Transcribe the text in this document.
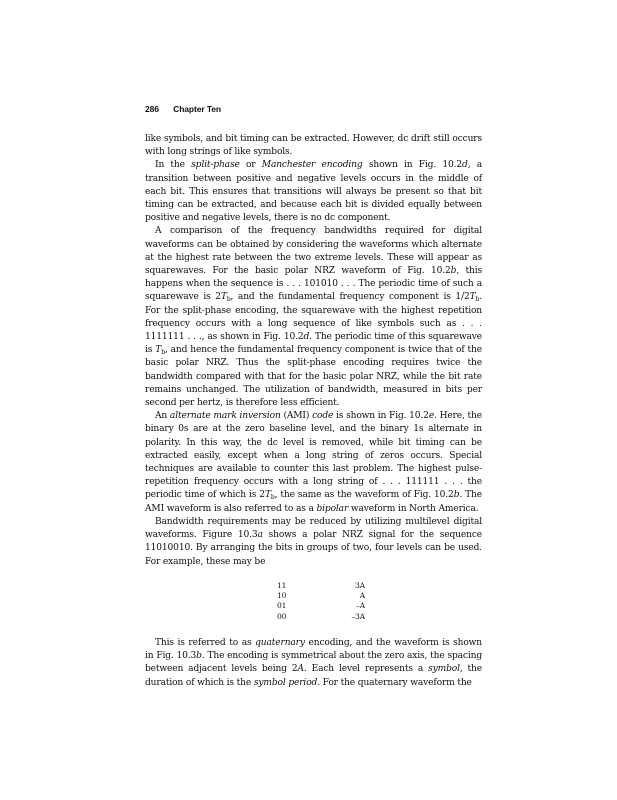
286 Chapter Ten

like symbols, and bit timing can be extracted. However, dc drift still occurs with long strings of like symbols.

In the split-phase or Manchester encoding shown in Fig. 10.2d, a transition between positive and negative levels occurs in the middle of each bit. This ensures that transitions will always be present so that bit timing can be extracted, and because each bit is divided equally between positive and negative levels, there is no dc component.

A comparison of the frequency bandwidths required for digital waveforms can be obtained by considering the waveforms which alternate at the highest rate between the two extreme levels. These will appear as squarewaves. For the basic polar NRZ waveform of Fig. 10.2b, this happens when the sequence is . . . 101010 . . . The periodic time of such a squarewave is $2T_b$, and the fundamental frequency component is $1/2T_b$. For the split-phase encoding, the squarewave with the highest repetition frequency occurs with a long sequence of like symbols such as . . . 1111111 . . ., as shown in Fig. 10.2d. The periodic time of this squarewave is $T_b$, and hence the fundamental frequency component is twice that of the basic polar NRZ. Thus the split-phase encoding requires twice the bandwidth compared with that for the basic polar NRZ, while the bit rate remains unchanged. The utilization of bandwidth, measured in bits per second per hertz, is therefore less efficient.

An alternate mark inversion (AMI) code is shown in Fig. 10.2e. Here, the binary 0s are at the zero baseline level, and the binary 1s alternate in polarity. In this way, the dc level is removed, while bit timing can be extracted easily, except when a long string of zeros occurs. Special techniques are available to counter this last problem. The highest pulse-repetition frequency occurs with a long string of . . . 111111 . . . the periodic time of which is $2T_b$, the same as the waveform of Fig. 10.2b. The AMI waveform is also referred to as a bipolar waveform in North America.

Bandwidth requirements may be reduced by utilizing multilevel digital waveforms. Figure 10.3a shows a polar NRZ signal for the sequence 11010010. By arranging the bits in groups of two, four levels can be used. For example, these may be

11	3A
10	A
01	–A
00	–3A

This is referred to as quaternary encoding, and the waveform is shown in Fig. 10.3b. The encoding is symmetrical about the zero axis, the spacing between adjacent levels being 2A. Each level represents a symbol, the duration of which is the symbol period. For the quaternary waveform the
